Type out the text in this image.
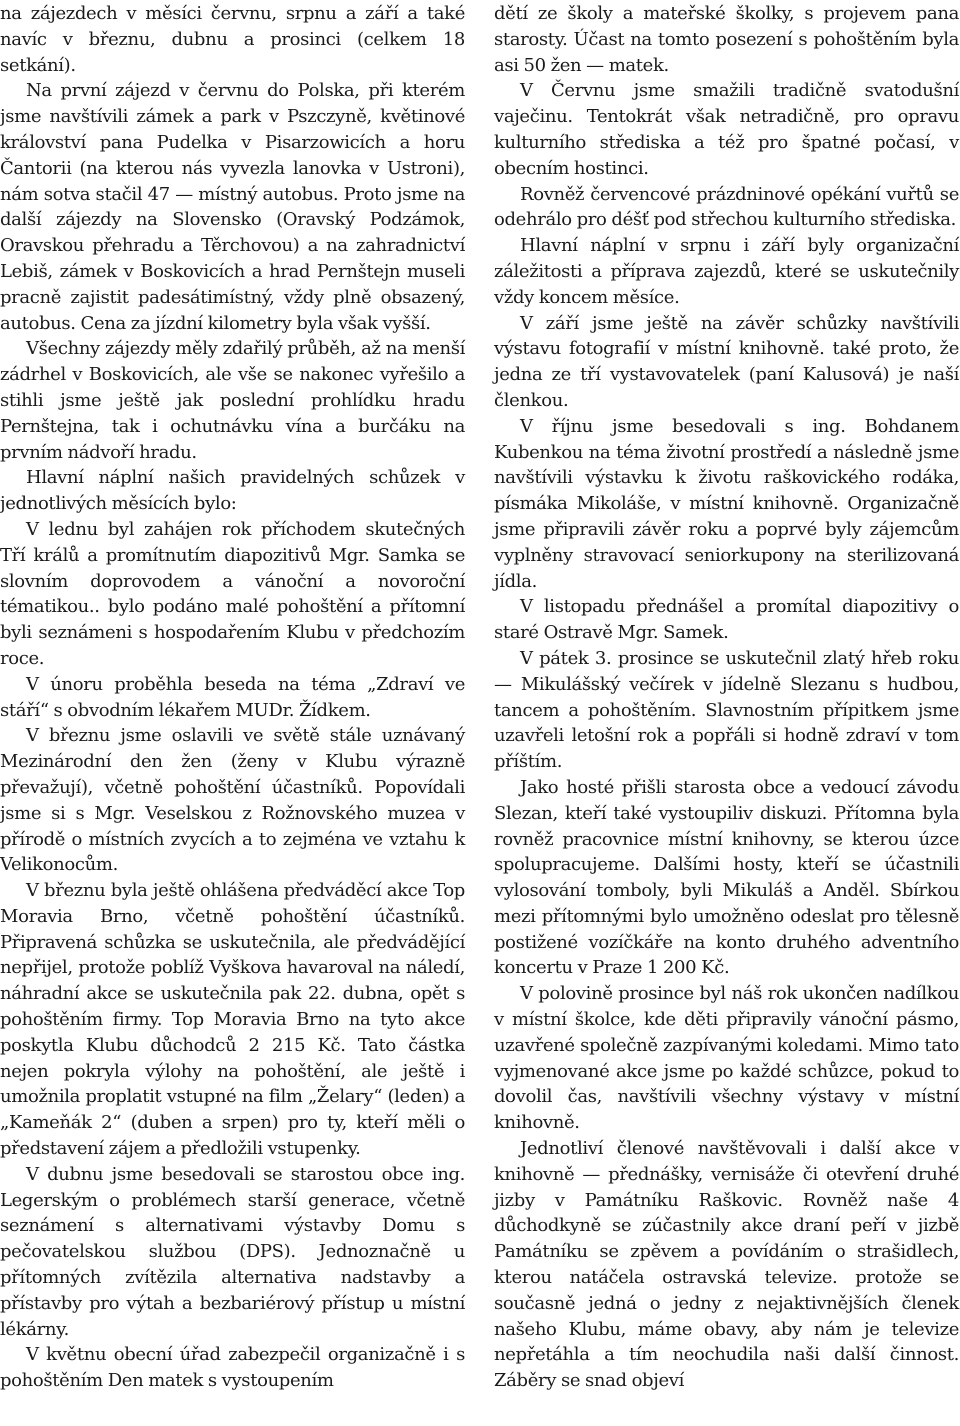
na zájezdech v měsíci červnu, srpnu a září a také navíc v březnu, dubnu a prosinci (celkem 18 setkání).

Na první zájezd v červnu do Polska, při kterém jsme navštívili zámek a park v Pszczyně, květinové království pana Pudelka v Pisarzowicích a horu Čantorii (na kterou nás vyvezla lanovka v Ustroni), nám sotva stačil 47 — místný autobus. Proto jsme na další zájezdy na Slovensko (Oravský Podzámok, Oravskou přehradu a Těrchovou) a na zahradnictví Lebiš, zámek v Boskovicích a hrad Pernštejn museli pracně zajistit padesátimístný, vždy plně obsazený, autobus. Cena za jízdní kilometry byla však vyšší.

Všechny zájezdy měly zdařilý průběh, až na menší zádrhel v Boskovicích, ale vše se nakonec vyřešilo a stihli jsme ještě jak poslední prohlídku hradu Pernštejna, tak i ochutnávku vína a burčáku na prvním nádvoří hradu.

Hlavní náplní našich pravidelných schůzek v jednotlivých měsících bylo:

V lednu byl zahájen rok příchodem skutečných Tří králů a promítnutím diapozitivů Mgr. Samka se slovním doprovodem a vánoční a novoroční tématikou.. bylo podáno malé pohoštění a přítomní byli seznámeni s hospodařením Klubu v předchozím roce.

V únoru proběhla beseda na téma „Zdraví ve stáří“ s obvodním lékařem MUDr. Žídkem.

V březnu jsme oslavili ve světě stále uznávaný Mezinárodní den žen (ženy v Klubu výrazně převažují), včetně pohoštění účastníků. Popovídali jsme si s Mgr. Veselskou z Rožnovského muzea v přírodě o místních zvycích a to zejména ve vztahu k Velikonocům.

V březnu byla ještě ohlášena předváděcí akce Top Moravia Brno, včetně pohoštění účastníků. Připravená schůzka se uskutečnila, ale předvádějící nepřijel, protože poblíž Vyškova havaroval na náledí, náhradní akce se uskutečnila pak 22. dubna, opět s pohoštěním firmy. Top Moravia Brno na tyto akce poskytla Klubu důchodců 2 215 Kč. Tato částka nejen pokryla výlohy na pohoštění, ale ještě i umožnila proplatit vstupné na film „Želary“ (leden) a „Kameňák 2“ (duben a srpen) pro ty, kteří měli o představení zájem a předložili vstupenky.

V dubnu jsme besedovali se starostou obce ing. Legerským o problémech starší generace, včetně seznámení s alternativami výstavby Domu s pečovatelskou službou (DPS). Jednoznačně u přítomných zvítězila alternativa nadstavby a přístavby pro výtah a bezbariérový přístup u místní lékárny.

V květnu obecní úřad zabezpečil organizačně i s pohoštěním Den matek s vystoupením

dětí ze školy a mateřské školky, s projevem pana starosty. Účast na tomto posezení s pohoštěním byla asi 50 žen — matek.

V Červnu jsme smažili tradičně svatodušní vaječinu. Tentokrát však netradičně, pro opravu kulturního střediska a též pro špatné počasí, v obecním hostinci.

Rovněž červencové prázdninové opékání vuřtů se odehrálo pro déšť pod střechou kulturního střediska.

Hlavní náplní v srpnu i září byly organizační záležitosti a příprava zajezdů, které se uskutečnily vždy koncem měsíce.

V září jsme ještě na závěr schůzky navštívili výstavu fotografií v místní knihovně. také proto, že jedna ze tří vystavovatelek (paní Kalusová) je naší členkou.

V říjnu jsme besedovali s ing. Bohdanem Kubenkou na téma životní prostředí a následně jsme navštívili výstavku k životu raškovického rodáka, písmáka Mikoláše, v místní knihovně. Organizačně jsme připravili závěr roku a poprvé byly zájemcům vyplněny stravovací seniorkupony na sterilizovaná jídla.

V listopadu přednášel a promítal diapozitivy o staré Ostravě Mgr. Samek.

V pátek 3. prosince se uskutečnil zlatý hřeb roku — Mikulášský večírek v jídelně Slezanu s hudbou, tancem a pohoštěním. Slavnostním přípitkem jsme uzavřeli letošní rok a popřáli si hodně zdraví v tom příštím.

Jako hosté přišli starosta obce a vedoucí závodu Slezan, kteří také vystoupiliv diskuzi. Přítomna byla rovněž pracovnice místní knihovny, se kterou úzce spolupracujeme. Dalšími hosty, kteří se účastnili vylosování tomboly, byli Mikuláš a Anděl. Sbírkou mezi přítomnými bylo umožněno odeslat pro tělesně postižené vozíčkáře na konto druhého adventního koncertu v Praze 1 200 Kč.

V polovině prosince byl náš rok ukončen nadílkou v místní školce, kde děti připravily vánoční pásmo, uzavřené společně zazpívanými koledami. Mimo tato vyjmenované akce jsme po každé schůzce, pokud to dovolil čas, navštívili všechny výstavy v místní knihovně.

Jednotliví členové navštěvovali i další akce v knihovně — přednášky, vernisáže či otevření druhé jizby v Památníku Raškovic. Rovněž naše 4 důchodkyně se zúčastnily akce draní peří v jizbě Památníku se zpěvem a povídáním o strašidlech, kterou natáčela ostravská televize. protože se současně jedná o jedny z nejaktivnějších členek našeho Klubu, máme obavy, aby nám je televize nepřetáhla a tím neochudila naši další činnost. Záběry se snad objeví
